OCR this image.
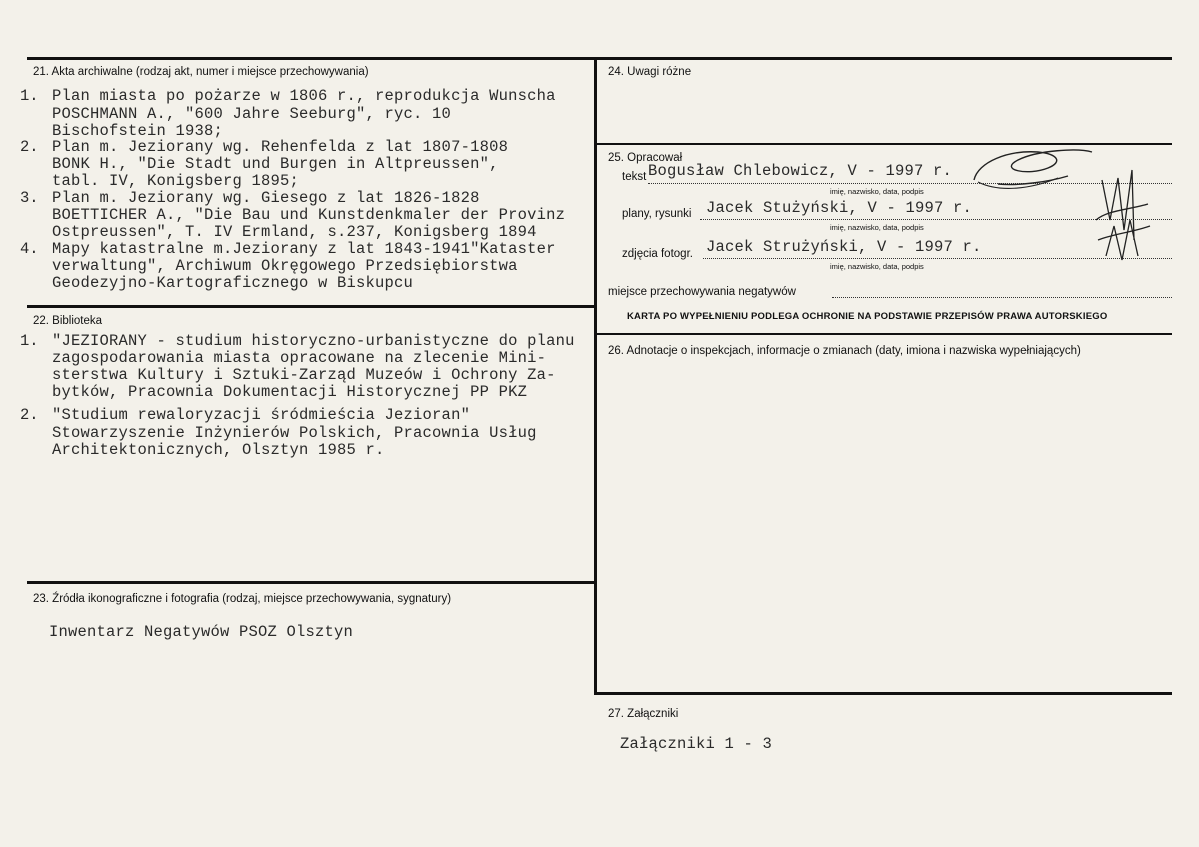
21. Akta archiwalne (rodzaj akt, numer i miejsce przechowywania)
1. Plan miasta po pożarze w 1806 r., reprodukcja Wunscha
POSCHMANN A., "600 Jahre Seeburg", ryc. 10
Bischofstein 1938;
2. Plan m. Jeziorany wg. Rehenfelda z lat 1807-1808
BONK H., "Die Stadt und Burgen in Altpreussen",
tabl. IV, Konigsberg 1895;
3. Plan m. Jeziorany wg. Giesego z lat 1826-1828
BOETTICHER A., "Die Bau und Kunstdenkmaler der Provinz
Ostpreussen", T. IV Ermland, s.237, Konigsberg 1894
4. Mapy katastralne m.Jeziorany z lat 1843-1941"Kataster
verwaltung", Archiwum Okręgowego Przedsiębiorstwa
Geodezyjno-Kartograficznego w Biskupcu
22. Biblioteka
1. "JEZIORANY - studium historyczno-urbanistyczne do planu
zagospodarowania miasta opracowane na zlecenie Mini-
sterstwa Kultury i Sztuki-Zarząd Muzeów i Ochrony Za-
bytków, Pracownia Dokumentacji Historycznej PP PKZ
2. "Studium rewaloryzacji śródmieścia Jezioran"
Stowarzyszenie Inżynierów Polskich, Pracownia Usług
Architektonicznych, Olsztyn 1985 r.
23. Źródła ikonograficzne i fotografia (rodzaj, miejsce przechowywania, sygnatury)
Inwentarz Negatywów PSOZ Olsztyn
24. Uwagi różne
25. Opracował
tekst Bogusław Chlebowicz, V - 1997 r.
imię, nazwisko, data, podpis
plany, rysunki Jacek Stużyński, V - 1997 r.
imię, nazwisko, data, podpis
zdjęcia fotogr. Jacek Strużyński, V - 1997 r.
imię, nazwisko, data, podpis
miejsce przechowywania negatywów
KARTA PO WYPEŁNIENIU PODLEGA OCHRONIE NA PODSTAWIE PRZEPISÓW PRAWA AUTORSKIEGO
26. Adnotacje o inspekcjach, informacje o zmianach (daty, imiona i nazwiska wypełniających)
27. Załączniki
Załączniki 1 - 3
